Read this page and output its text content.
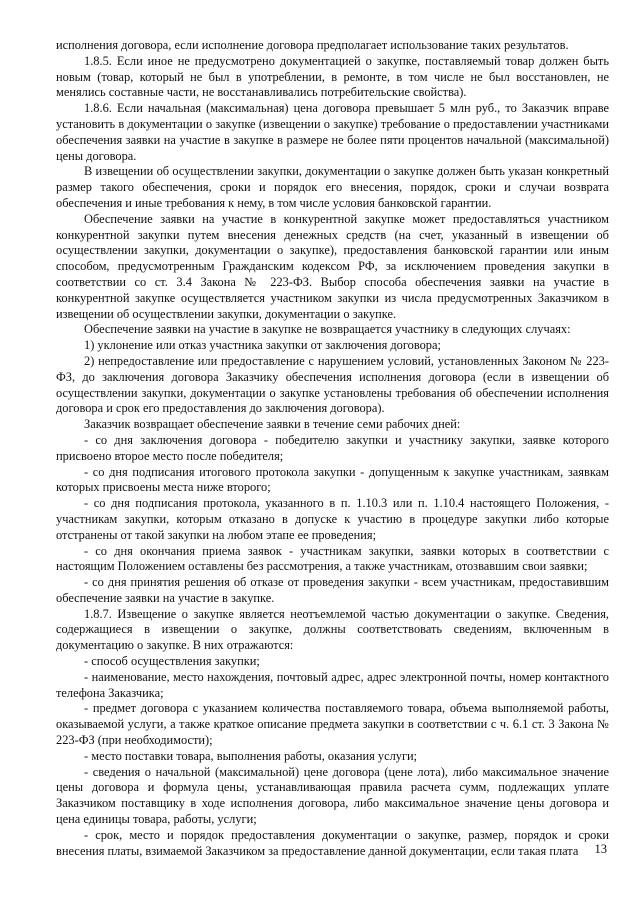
исполнения договора, если исполнение договора предполагает использование таких результатов.

1.8.5. Если иное не предусмотрено документацией о закупке, поставляемый товар должен быть новым (товар, который не был в употреблении, в ремонте, в том числе не был восстановлен, не менялись составные части, не восстанавливались потребительские свойства).

1.8.6. Если начальная (максимальная) цена договора превышает 5 млн руб., то Заказчик вправе установить в документации о закупке (извещении о закупке) требование о предоставлении участниками обеспечения заявки на участие в закупке в размере не более пяти процентов начальной (максимальной) цены договора.

В извещении об осуществлении закупки, документации о закупке должен быть указан конкретный размер такого обеспечения, сроки и порядок его внесения, порядок, сроки и случаи возврата обеспечения и иные требования к нему, в том числе условия банковской гарантии.

Обеспечение заявки на участие в конкурентной закупке может предоставляться участником конкурентной закупки путем внесения денежных средств (на счет, указанный в извещении об осуществлении закупки, документации о закупке), предоставления банковской гарантии или иным способом, предусмотренным Гражданским кодексом РФ, за исключением проведения закупки в соответствии со ст. 3.4 Закона № 223-ФЗ. Выбор способа обеспечения заявки на участие в конкурентной закупке осуществляется участником закупки из числа предусмотренных Заказчиком в извещении об осуществлении закупки, документации о закупке.

Обеспечение заявки на участие в закупке не возвращается участнику в следующих случаях:

1) уклонение или отказ участника закупки от заключения договора;

2) непредоставление или предоставление с нарушением условий, установленных Законом № 223-ФЗ, до заключения договора Заказчику обеспечения исполнения договора (если в извещении об осуществлении закупки, документации о закупке установлены требования об обеспечении исполнения договора и срок его предоставления до заключения договора).

Заказчик возвращает обеспечение заявки в течение семи рабочих дней:

- со дня заключения договора - победителю закупки и участнику закупки, заявке которого присвоено второе место после победителя;

- со дня подписания итогового протокола закупки - допущенным к закупке участникам, заявкам которых присвоены места ниже второго;

- со дня подписания протокола, указанного в п. 1.10.3 или п. 1.10.4 настоящего Положения, - участникам закупки, которым отказано в допуске к участию в процедуре закупки либо которые отстранены от такой закупки на любом этапе ее проведения;

- со дня окончания приема заявок - участникам закупки, заявки которых в соответствии с настоящим Положением оставлены без рассмотрения, а также участникам, отозвавшим свои заявки;

- со дня принятия решения об отказе от проведения закупки - всем участникам, предоставившим обеспечение заявки на участие в закупке.

1.8.7. Извещение о закупке является неотъемлемой частью документации о закупке. Сведения, содержащиеся в извещении о закупке, должны соответствовать сведениям, включенным в документацию о закупке. В них отражаются:

- способ осуществления закупки;

- наименование, место нахождения, почтовый адрес, адрес электронной почты, номер контактного телефона Заказчика;

- предмет договора с указанием количества поставляемого товара, объема выполняемой работы, оказываемой услуги, а также краткое описание предмета закупки в соответствии с ч. 6.1 ст. 3 Закона № 223-ФЗ (при необходимости);

- место поставки товара, выполнения работы, оказания услуги;

- сведения о начальной (максимальной) цене договора (цене лота), либо максимальное значение цены договора и формула цены, устанавливающая правила расчета сумм, подлежащих уплате Заказчиком поставщику в ходе исполнения договора, либо максимальное значение цены договора и цена единицы товара, работы, услуги;

- срок, место и порядок предоставления документации о закупке, размер, порядок и сроки внесения платы, взимаемой Заказчиком за предоставление данной документации, если такая плата	13
